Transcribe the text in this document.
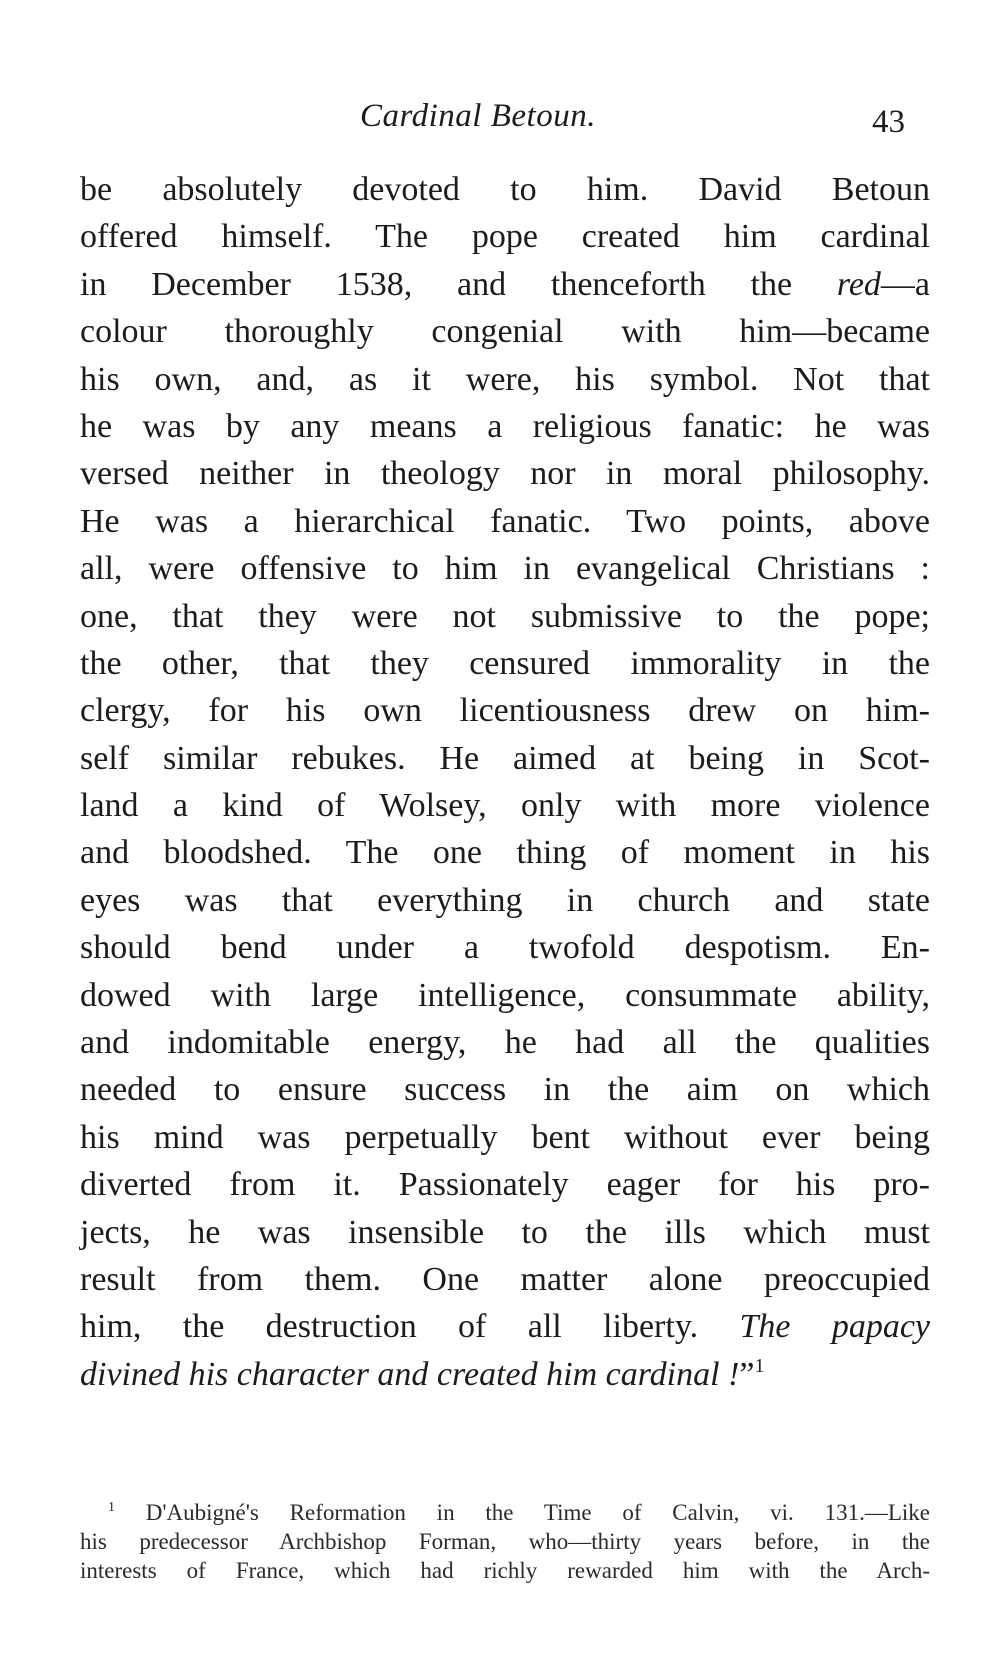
Cardinal Betoun.	43
be absolutely devoted to him. David Betoun
offered himself. The pope created him cardinal
in December 1538, and thenceforth the red—a
colour thoroughly congenial with him—became
his own, and, as it were, his symbol. Not that
he was by any means a religious fanatic: he was
versed neither in theology nor in moral philosophy.
He was a hierarchical fanatic. Two points, above
all, were offensive to him in evangelical Christians :
one, that they were not submissive to the pope;
the other, that they censured immorality in the
clergy, for his own licentiousness drew on him-
self similar rebukes. He aimed at being in Scot-
land a kind of Wolsey, only with more violence
and bloodshed. The one thing of moment in his
eyes was that everything in church and state
should bend under a twofold despotism. En-
dowed with large intelligence, consummate ability,
and indomitable energy, he had all the qualities
needed to ensure success in the aim on which
his mind was perpetually bent without ever being
diverted from it. Passionately eager for his pro-
jects, he was insensible to the ills which must
result from them. One matter alone preoccupied
him, the destruction of all liberty. The papacy
divined his character and created him cardinal !”$^1$
$^1$ D'Aubigné's Reformation in the Time of Calvin, vi. 131.—Like
his predecessor Archbishop Forman, who—thirty years before, in the
interests of France, which had richly rewarded him with the Arch-
